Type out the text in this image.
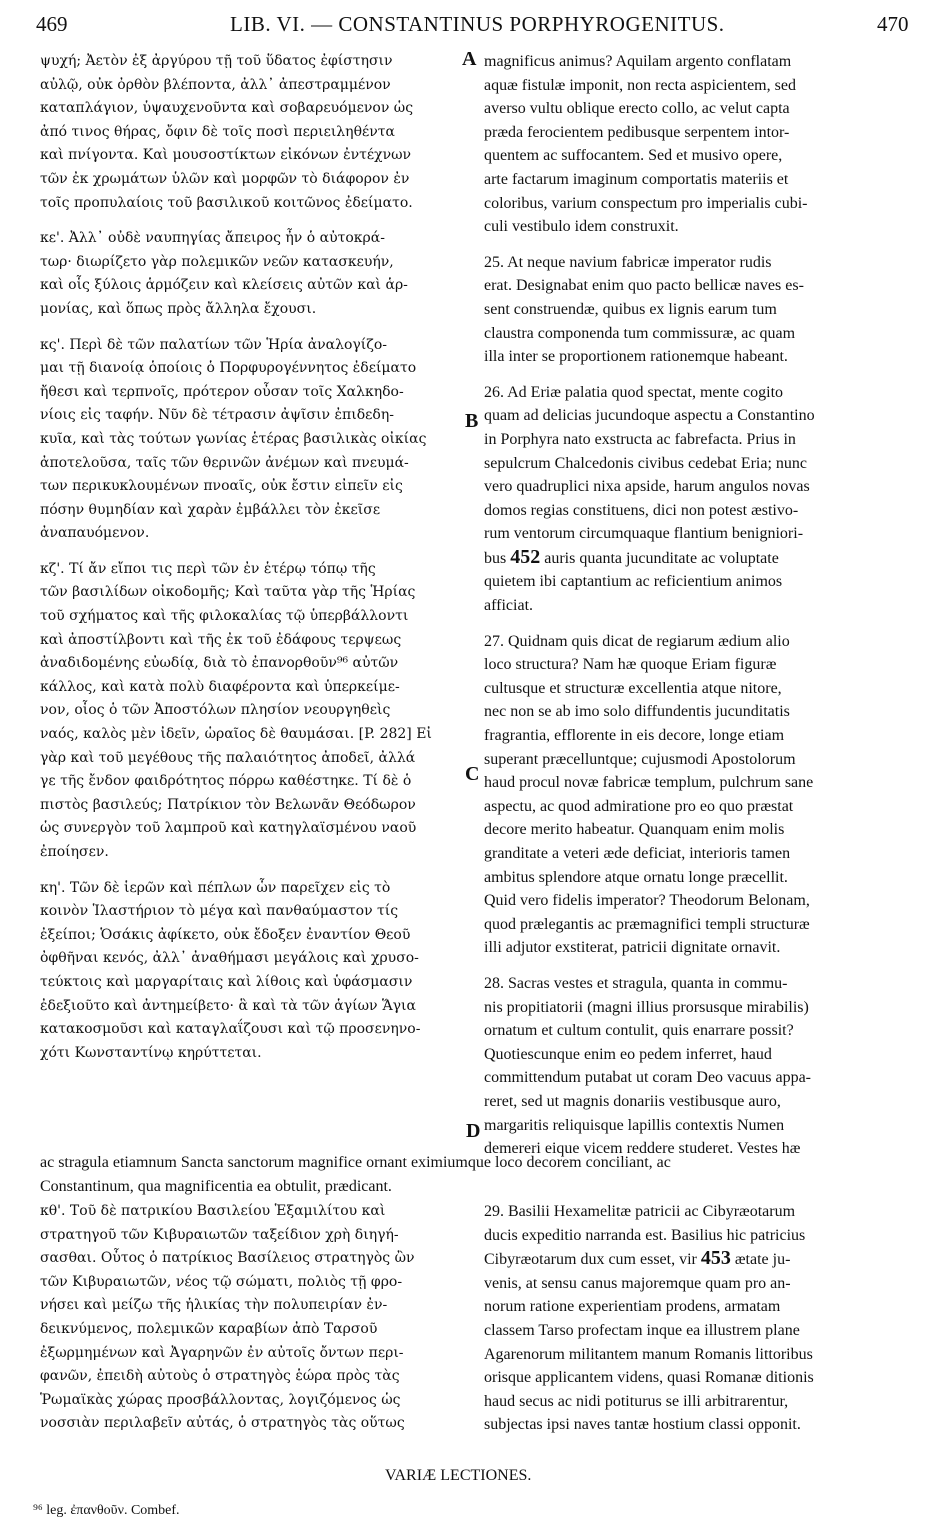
469	LIB. VI. — CONSTANTINUS PORPHYROGENITUS.	470
ψυχή; Ἀετὸν ἐξ ἀργύρου τῇ τοῦ ὕδατος ἐφίστησιν
αὐλῷ, οὐκ ὀρθὸν βλέποντα, ἀλλ᾽ ἀπεστραμμένον
καταπλάγιον, ὑψαυχενοῦντα καὶ σοβαρευόμενον ὡς
ἀπό τινος θήρας, ὄφιν δὲ τοῖς ποσὶ περιειληθέντα
καὶ πνίγοντα. Καὶ μουσοστίκτων εἰκόνων ἐντέχνων
τῶν ἐκ χρωμάτων ὑλῶν καὶ μορφῶν τὸ διάφορον ἐν
τοῖς προπυλαίοις τοῦ βασιλικοῦ κοιτῶνος ἐδείματο.
κε'. Ἀλλ᾽ οὐδὲ ναυπηγίας ἄπειρος ἦν ὁ αὐτοκρά-
τωρ· διωρίζετο γὰρ πολεμικῶν νεῶν κατασκευήν,
καὶ οἷς ξύλοις ἁρμόζειν καὶ κλείσεις αὐτῶν καὶ ἁρ-
μονίας, καὶ ὅπως πρὸς ἄλληλα ἔχουσι.
κς'. Περὶ δὲ τῶν παλατίων τῶν Ἡρία ἀναλογίζο-
μαι τῇ διανοίᾳ ὁποίοις ὁ Πορφυρογέννητος ἐδείματο
ἤθεσι καὶ τερπνοῖς, πρότερον οὖσαν τοῖς Χαλκηδο-
νίοις εἰς ταφήν. Νῦν δὲ τέτρασιν ἀψῖσιν ἐπιδεδη-
κυῖα, καὶ τὰς τούτων γωνίας ἑτέρας βασιλικὰς οἰκίας
ἀποτελοῦσα, ταῖς τῶν θερινῶν ἀνέμων καὶ πνευμά-
των περικυκλουμένων πνοαῖς, οὐκ ἔστιν εἰπεῖν εἰς
πόσην θυμηδίαν καὶ χαρὰν ἐμβάλλει τὸν ἐκεῖσε
ἀναπαυόμενον.
κζ'. Τί ἄν εἴποι τις περὶ τῶν ἐν ἑτέρῳ τόπῳ τῆς
τῶν βασιλίδων οἰκοδομῆς; Καὶ ταῦτα γὰρ τῆς Ἡρίας
τοῦ σχήματος καὶ τῆς φιλοκαλίας τῷ ὑπερβάλλοντι
καὶ ἀποστίλβοντι καὶ τῆς ἐκ τοῦ ἐδάφους τερψεως
ἀναδιδομένης εὐωδίᾳ, διὰ τὸ ἐπανορθοῦν⁹⁶ αὐτῶν
κάλλος, καὶ κατὰ πολὺ διαφέροντα καὶ ὑπερκείμε-
νον, οἷος ὁ τῶν Ἀποστόλων πλησίον νεουργηθεὶς
ναός, καλὸς μὲν ἰδεῖν, ὡραῖος δὲ θαυμάσαι. [P. 282] Εἰ
γὰρ καὶ τοῦ μεγέθους τῆς παλαιότητος ἀποδεῖ, ἀλλά
γε τῆς ἔνδον φαιδρότητος πόρρω καθέστηκε. Τί δὲ ὁ
πιστὸς βασιλεύς; Πατρίκιον τὸν Βελωνᾶν Θεόδωρον
ὡς συνεργὸν τοῦ λαμπροῦ καὶ κατηγλαϊσμένου ναοῦ
ἐποίησεν.
κη'. Τῶν δὲ ἱερῶν καὶ πέπλων ὧν παρεῖχεν εἰς τὸ
κοινὸν Ἱλαστήριον τὸ μέγα καὶ πανθαύμαστον τίς
ἐξείποι; Ὁσάκις ἀφίκετο, οὐκ ἔδοξεν ἐναντίον Θεοῦ
ὀφθῆναι κενός, ἀλλ᾽ ἀναθήμασι μεγάλοις καὶ χρυσο-
τεύκτοις καὶ μαργαρίταις καὶ λίθοις καὶ ὑφάσμασιν
ἐδεξιοῦτο καὶ ἀντημείβετο· ἃ καὶ τὰ τῶν ἁγίων Ἅγια
κατακοσμοῦσι καὶ καταγλαΐζουσι καὶ τῷ προσενηνο-
χότι Κωνσταντίνῳ κηρύττεται.
magnificus animus? Aquilam argento conflatam
aquæ fistulæ imponit, non recta aspicientem, sed
averso vultu oblique erecto collo, ac velut capta
præda ferocientem pedibusque serpentem intor-
quentem ac suffocantem. Sed et musivo opere,
arte factarum imaginum comportatis materiis et
coloribus, varium conspectum pro imperialis cubi-
culi vestibulo idem construxit.
25. At neque navium fabricæ imperator rudis
erat. Designabat enim quo pacto bellicæ naves es-
sent construendæ, quibus ex lignis earum tum
claustra componenda tum commissuræ, ac quam
illa inter se proportionem rationemque habeant.
26. Ad Eriæ palatia quod spectat, mente cogito
quam ad delicias jucundoque aspectu a Constantino
in Porphyra nato exstructa ac fabrefacta. Prius in
sepulcrum Chalcedonis civibus cedebat Eria; nunc
vero quadruplici nixa apside, harum angulos novas
domos regias constituens, dici non potest æstivo-
rum ventorum circumquaque flantium benigniori-
bus 452 auris quanta jucunditate ac voluptate
quietem ibi captantium ac reficientium animos
afficiat.
27. Quidnam quis dicat de regiarum ædium alio
loco structura? Nam hæ quoque Eriam figuræ
cultusque et structuræ excellentia atque nitore,
nec non se ab imo solo diffundentis jucunditatis
fragrantia, efflorente in eis decore, longe etiam
superant præcelluntque; cujusmodi Apostolorum
haud procul novæ fabricæ templum, pulchrum sane
aspectu, ac quod admiratione pro eo quo præstat
decore merito habeatur. Quanquam enim molis
granditate a veteri æde deficiat, interioris tamen
ambitus splendore atque ornatu longe præcellit.
Quid vero fidelis imperator? Theodorum Belonam,
quod prælegantis ac præmagnifici templi structuræ
illi adjutor exstiterat, patricii dignitate ornavit.
28. Sacras vestes et stragula, quanta in commu-
nis propitiatorii (magni illius prorsusque mirabilis)
ornatum et cultum contulit, quis enarrare possit?
Quotiescunque enim eo pedem inferret, haud
committendum putabat ut coram Deo vacuus appa-
reret, sed ut magnis donariis vestibusque auro,
margaritis reliquisque lapillis contextis Numen
demereri eique vicem reddere studeret. Vestes hæ
A
B
C
D
ac stragula etiamnum Sancta sanctorum magnifice ornant eximiumque loco decorem conciliant, ac
Constantinum, qua magnificentia ea obtulit, prædicant.
κθ'. Τοῦ δὲ πατρικίου Βασιλείου Ἑξαμιλίτου καὶ
στρατηγοῦ τῶν Κιβυραιωτῶν ταξείδιον χρὴ διηγή-
σασθαι. Οὗτος ὁ πατρίκιος Βασίλειος στρατηγὸς ὢν
τῶν Κιβυραιωτῶν, νέος τῷ σώματι, πολιὸς τῇ φρο-
νήσει καὶ μείζω τῆς ἡλικίας τὴν πολυπειρίαν ἐν-
δεικνύμενος, πολεμικῶν καραβίων ἀπὸ Ταρσοῦ
ἐξωρμημένων καὶ Ἀγαρηνῶν ἐν αὐτοῖς ὄντων περι-
φανῶν, ἐπειδὴ αὐτοὺς ὁ στρατηγὸς ἑώρα πρὸς τὰς
Ῥωμαϊκὰς χώρας προσβάλλοντας, λογιζόμενος ὡς
νοσσιὰν περιλαβεῖν αὐτάς, ὁ στρατηγὸς τὰς οὕτως
29. Basilii Hexamelitæ patricii ac Cibyræotarum
ducis expeditio narranda est. Basilius hic patricius
Cibyræotarum dux cum esset, vir 453 ætate ju-
venis, at sensu canus majoremque quam pro an-
norum ratione experientiam prodens, armatam
classem Tarso profectam inque ea illustrem plane
Agarenorum militantem manum Romanis littoribus
orisque applicantem videns, quasi Romanæ ditionis
haud secus ac nidi potiturus se illi arbitrarentur,
subjectas ipsi naves tantæ hostium classi opponit.
VARIÆ LECTIONES.
⁹⁶ leg. ἐπανθοῦν. Combef.
